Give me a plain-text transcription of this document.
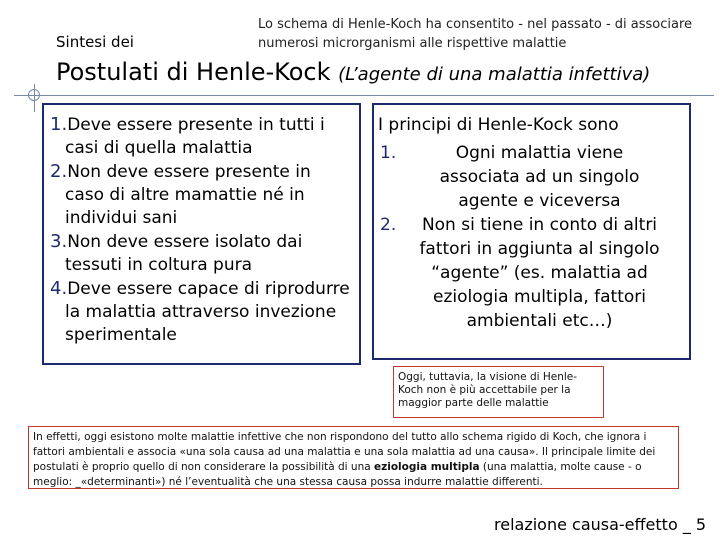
Sintesi dei
Lo schema di Henle-Koch ha consentito - nel passato - di associare numerosi microrganismi alle rispettive malattie
Postulati di Henle-Kock (L’agente di una malattia infettiva)
1.Deve essere presente in tutti i casi di quella malattia
2.Non deve essere presente in caso di altre mamattie né in individui sani
3.Non deve essere isolato dai tessuti in coltura pura
4.Deve essere capace di riprodurre la malattia attraverso invezione sperimentale
I principi di Henle-Kock sono
1.	Ogni malattia viene associata ad un singolo agente e viceversa
2.	Non si tiene in conto di altri fattori in aggiunta al singolo “agente” (es. malattia ad eziologia multipla, fattori ambientali etc…)
Oggi, tuttavia, la visione di Henle-Koch non è più accettabile per la maggior parte delle malattie
In effetti, oggi esistono molte malattie infettive che non rispondono del tutto allo schema rigido di Koch, che ignora i fattori ambientali e associa «una sola causa ad una malattia e una sola malattia ad una causa». Il principale limite dei postulati è proprio quello di non considerare la possibilità di una eziologia multipla (una malattia, molte cause - o meglio: _«determinanti») né l’eventualità che una stessa causa possa indurre malattie differenti.
relazione causa-effetto _ 5
